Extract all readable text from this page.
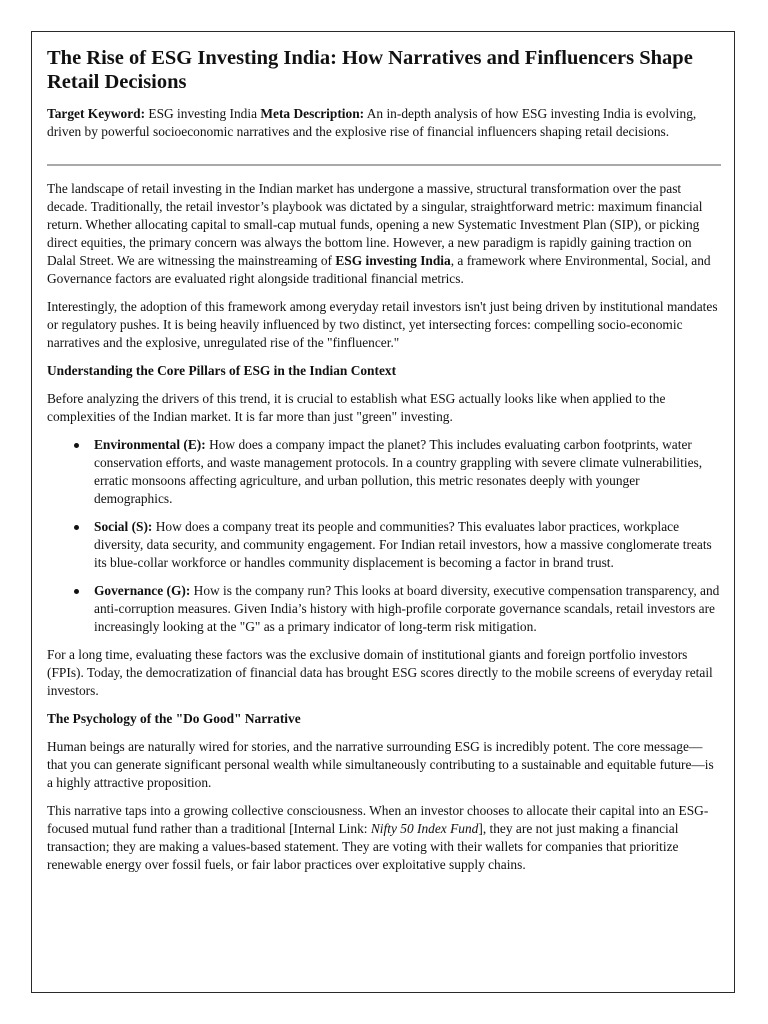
The Rise of ESG Investing India: How Narratives and Finfluencers Shape Retail Decisions

Target Keyword: ESG investing India Meta Description: An in-depth analysis of how ESG investing India is evolving, driven by powerful socioeconomic narratives and the explosive rise of financial influencers shaping retail decisions.

The landscape of retail investing in the Indian market has undergone a massive, structural transformation over the past decade. Traditionally, the retail investor’s playbook was dictated by a singular, straightforward metric: maximum financial return. Whether allocating capital to small-cap mutual funds, opening a new Systematic Investment Plan (SIP), or picking direct equities, the primary concern was always the bottom line. However, a new paradigm is rapidly gaining traction on Dalal Street. We are witnessing the mainstreaming of ESG investing India, a framework where Environmental, Social, and Governance factors are evaluated right alongside traditional financial metrics.

Interestingly, the adoption of this framework among everyday retail investors isn't just being driven by institutional mandates or regulatory pushes. It is being heavily influenced by two distinct, yet intersecting forces: compelling socio-economic narratives and the explosive, unregulated rise of the "finfluencer."

Understanding the Core Pillars of ESG in the Indian Context

Before analyzing the drivers of this trend, it is crucial to establish what ESG actually looks like when applied to the complexities of the Indian market. It is far more than just "green" investing.

Environmental (E): How does a company impact the planet? This includes evaluating carbon footprints, water conservation efforts, and waste management protocols. In a country grappling with severe climate vulnerabilities, erratic monsoons affecting agriculture, and urban pollution, this metric resonates deeply with younger demographics.
Social (S): How does a company treat its people and communities? This evaluates labor practices, workplace diversity, data security, and community engagement. For Indian retail investors, how a massive conglomerate treats its blue-collar workforce or handles community displacement is becoming a factor in brand trust.
Governance (G): How is the company run? This looks at board diversity, executive compensation transparency, and anti-corruption measures. Given India’s history with high-profile corporate governance scandals, retail investors are increasingly looking at the "G" as a primary indicator of long-term risk mitigation.

For a long time, evaluating these factors was the exclusive domain of institutional giants and foreign portfolio investors (FPIs). Today, the democratization of financial data has brought ESG scores directly to the mobile screens of everyday retail investors.

The Psychology of the "Do Good" Narrative

Human beings are naturally wired for stories, and the narrative surrounding ESG is incredibly potent. The core message—that you can generate significant personal wealth while simultaneously contributing to a sustainable and equitable future—is a highly attractive proposition.

This narrative taps into a growing collective consciousness. When an investor chooses to allocate their capital into an ESG-focused mutual fund rather than a traditional [Internal Link: Nifty 50 Index Fund], they are not just making a financial transaction; they are making a values-based statement. They are voting with their wallets for companies that prioritize renewable energy over fossil fuels, or fair labor practices over exploitative supply chains.
